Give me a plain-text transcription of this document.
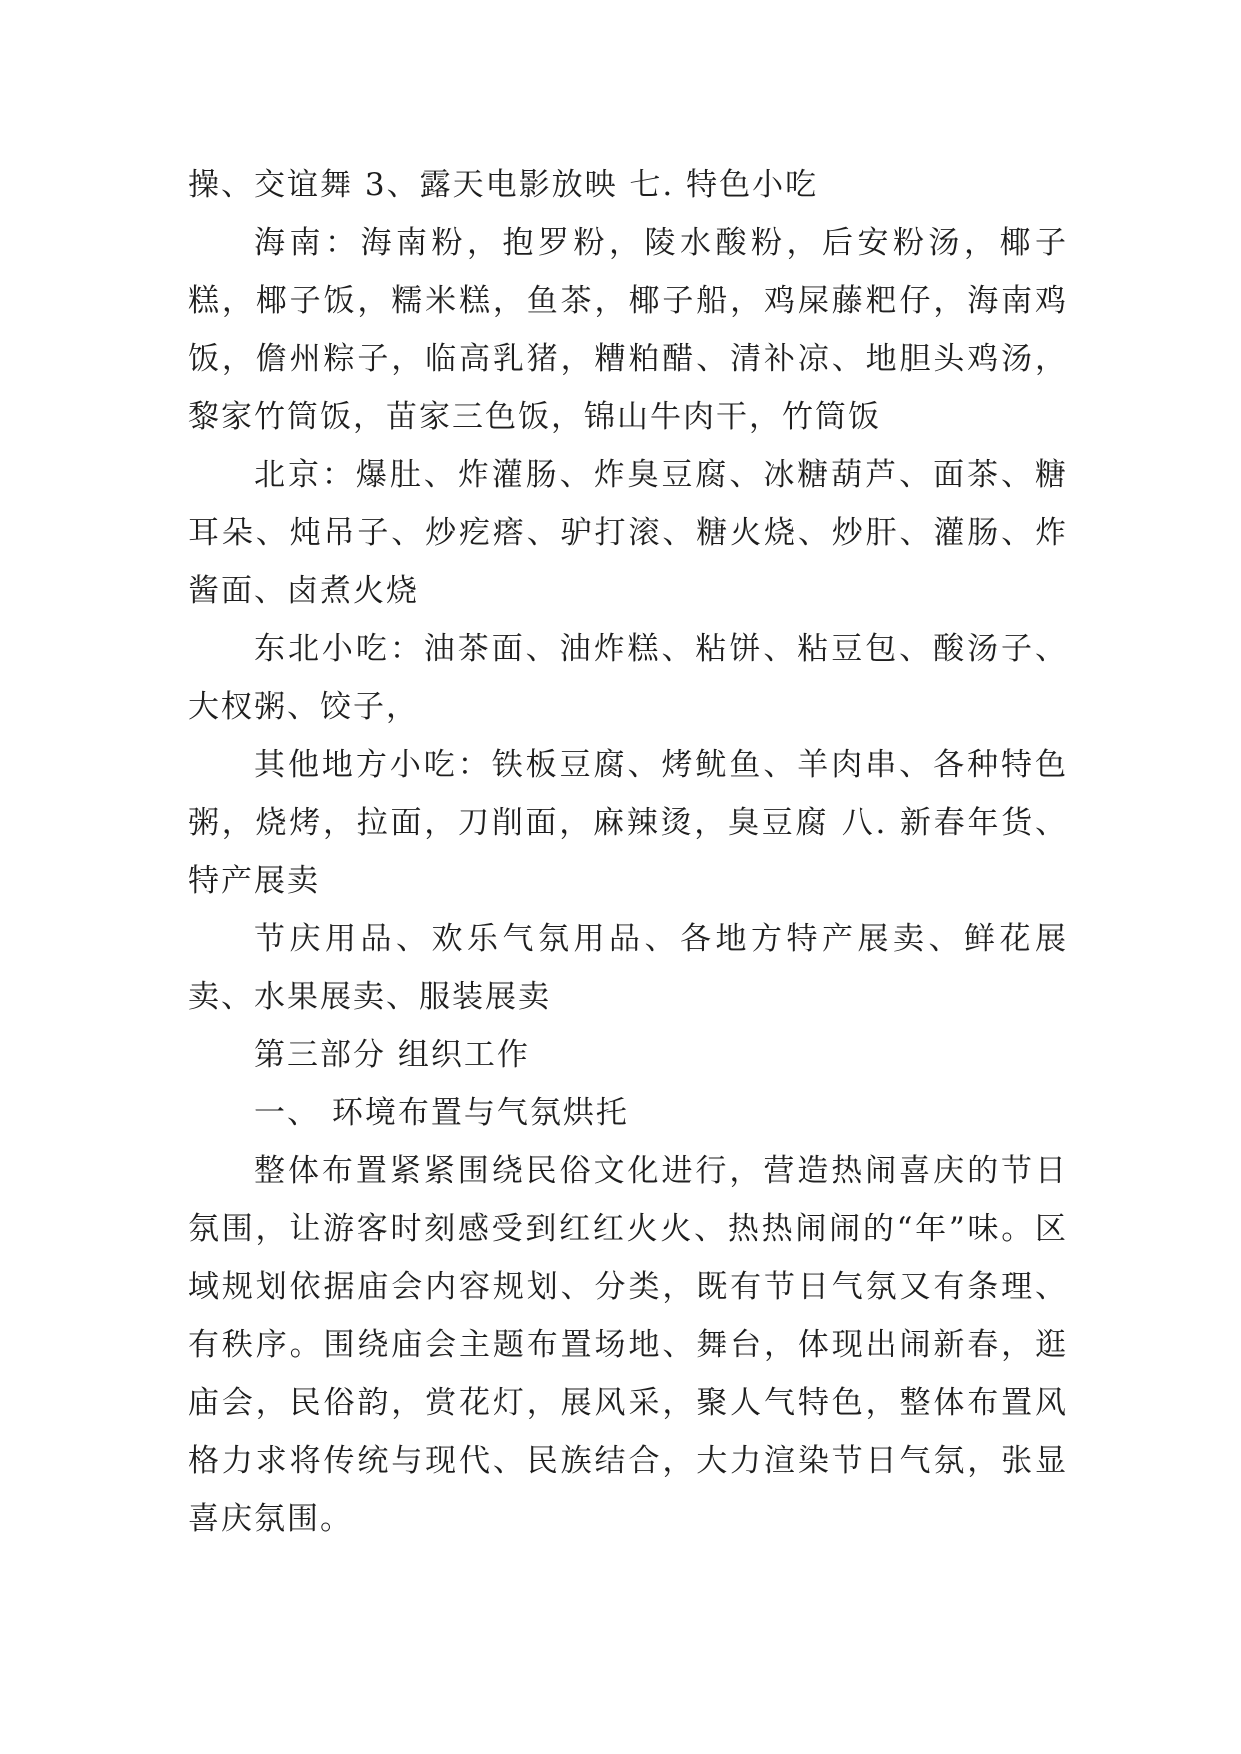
操、交谊舞 3、露天电影放映 七. 特色小吃

海南：海南粉，抱罗粉，陵水酸粉，后安粉汤，椰子糕，椰子饭，糯米糕，鱼茶，椰子船，鸡屎藤粑仔，海南鸡饭，儋州粽子，临高乳猪，糟粕醋、清补凉、地胆头鸡汤，黎家竹筒饭，苗家三色饭，锦山牛肉干，竹筒饭

北京：爆肚、炸灌肠、炸臭豆腐、冰糖葫芦、面茶、糖耳朵、炖吊子、炒疙瘩、驴打滚、糖火烧、炒肝、灌肠、炸酱面、卤煮火烧

东北小吃：油茶面、油炸糕、粘饼、粘豆包、酸汤子、大杈粥、饺子，

其他地方小吃：铁板豆腐、烤鱿鱼、羊肉串、各种特色粥，烧烤，拉面，刀削面，麻辣烫，臭豆腐 八. 新春年货、特产展卖

节庆用品、欢乐气氛用品、各地方特产展卖、鲜花展卖、水果展卖、服装展卖

第三部分 组织工作

一、 环境布置与气氛烘托

整体布置紧紧围绕民俗文化进行，营造热闹喜庆的节日氛围，让游客时刻感受到红红火火、热热闹闹的“年”味。区域规划依据庙会内容规划、分类，既有节日气氛又有条理、有秩序。围绕庙会主题布置场地、舞台，体现出闹新春，逛庙会，民俗韵，赏花灯，展风采，聚人气特色，整体布置风格力求将传统与现代、民族结合，大力渲染节日气氛，张显喜庆氛围。
